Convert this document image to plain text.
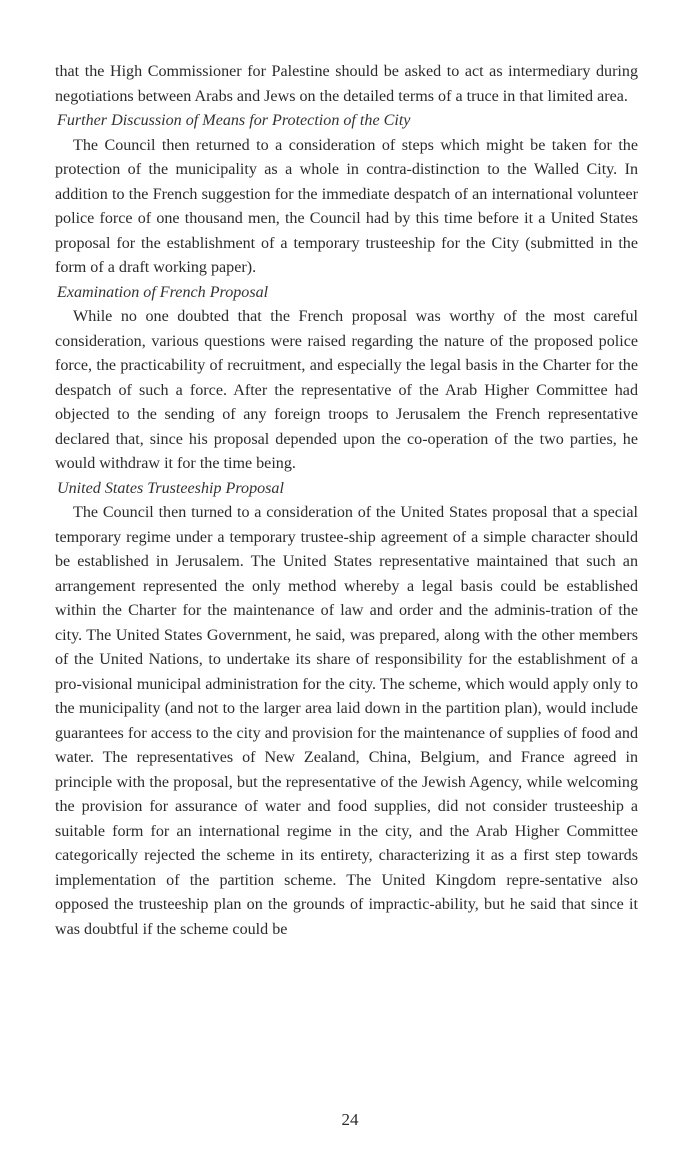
that the High Commissioner for Palestine should be asked to act as intermediary during negotiations between Arabs and Jews on the detailed terms of a truce in that limited area.

Further Discussion of Means for Protection of the City

The Council then returned to a consideration of steps which might be taken for the protection of the municipality as a whole in contra-distinction to the Walled City. In addition to the French suggestion for the immediate despatch of an international volunteer police force of one thousand men, the Council had by this time before it a United States proposal for the establishment of a temporary trusteeship for the City (submitted in the form of a draft working paper).

Examination of French Proposal

While no one doubted that the French proposal was worthy of the most careful consideration, various questions were raised regarding the nature of the proposed police force, the practicability of recruitment, and especially the legal basis in the Charter for the despatch of such a force. After the representative of the Arab Higher Committee had objected to the sending of any foreign troops to Jerusalem the French representative declared that, since his proposal depended upon the co-operation of the two parties, he would withdraw it for the time being.

United States Trusteeship Proposal

The Council then turned to a consideration of the United States proposal that a special temporary regime under a temporary trustee-ship agreement of a simple character should be established in Jerusalem. The United States representative maintained that such an arrangement represented the only method whereby a legal basis could be established within the Charter for the maintenance of law and order and the adminis-tration of the city. The United States Government, he said, was prepared, along with the other members of the United Nations, to undertake its share of responsibility for the establishment of a pro-visional municipal administration for the city. The scheme, which would apply only to the municipality (and not to the larger area laid down in the partition plan), would include guarantees for access to the city and provision for the maintenance of supplies of food and water. The representatives of New Zealand, China, Belgium, and France agreed in principle with the proposal, but the representative of the Jewish Agency, while welcoming the provision for assurance of water and food supplies, did not consider trusteeship a suitable form for an international regime in the city, and the Arab Higher Committee categorically rejected the scheme in its entirety, characterizing it as a first step towards implementation of the partition scheme. The United Kingdom repre-sentative also opposed the trusteeship plan on the grounds of impractic-ability, but he said that since it was doubtful if the scheme could be

24
